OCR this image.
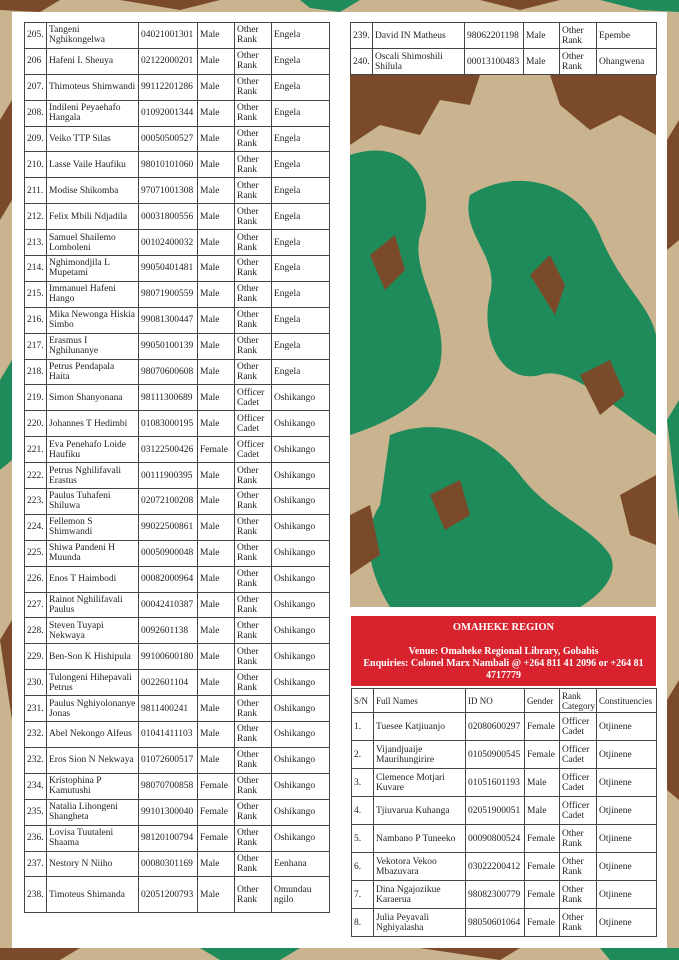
205.	Tangeni Nghikongelwa	04021001301	Male	Other Rank	Engela
206	Hafeni I. Sheuya	02122000201	Male	Other Rank	Engela
207.	Thimoteus Shimwandi	99112201286	Male	Other Rank	Engela
208.	Indileni Peyaehafo Hangala	01092001344	Male	Other Rank	Engela
209.	Veiko TTP Silas	00050500527	Male	Other Rank	Engela
210.	Lasse Vaile Haufiku	98010101060	Male	Other Rank	Engela
211.	Modise Shikomba	97071001308	Male	Other Rank	Engela
212.	Felix Mbili Ndjadila	00031800556	Male	Other Rank	Engela
213.	Samuel Shailemo Lomboleni	00102400032	Male	Other Rank	Engela
214.	Nghimondjila L Mupetami	99050401481	Male	Other Rank	Engela
215.	Immanuel Hafeni Hango	98071900559	Male	Other Rank	Engela
216.	Mika Newonga Hiskia Simbo	99081300447	Male	Other Rank	Engela
217.	Erasmus I Nghilunanye	99050100139	Male	Other Rank	Engela
218.	Petrus Pendapala Haita	98070600608	Male	Other Rank	Engela
219.	Simon Shanyonana	98111300689	Male	Officer Cadet	Oshikango
220.	Johannes T Hedimbi	01083000195	Male	Officer Cadet	Oshikango
221.	Eva Penehafo Loide Haufiku	03122500426	Female	Officer Cadet	Oshikango
222.	Petrus Nghilifavali Erastus	00111900395	Male	Other Rank	Oshikango
223.	Paulus Tuhafeni Shiluwa	02072100208	Male	Other Rank	Oshikango
224.	Fellemon S Shimwandi	99022500861	Male	Other Rank	Oshikango
225.	Shiwa Pandeni H Muunda	00050900048	Male	Other Rank	Oshikango
226.	Enos T Haimbodi	00082000964	Male	Other Rank	Oshikango
227.	Rainot Nghilifavali Paulus	00042410387	Male	Other Rank	Oshikango
228.	Steven Tuyapi Nekwaya	0092601138	Male	Other Rank	Oshikango
229.	Ben-Son K Hishipula	99100600180	Male	Other Rank	Oshikango
230.	Tulongeni Hihepavali Petrus	0022601104	Male	Other Rank	Oshikango
231.	Paulus Nghiyolonanye Jonas	9811400241	Male	Other Rank	Oshikango
232.	Abel Nekongo Alfeus	01041411103	Male	Other Rank	Oshikango
232.	Eros Sion N Nekwaya	01072600517	Male	Other Rank	Oshikango
234.	Kristophina P Kamutushi	98070700858	Female	Other Rank	Oshikango
235.	Natalia Lihongeni Shangheta	99101300040	Female	Other Rank	Oshikango
236.	Lovisa Tuutaleni Shaama	98120100794	Female	Other Rank	Oshikango
237.	Nestory N Niiho	00080301169	Male	Other Rank	Eenhana
238.	Timoteus Shimanda	02051200793	Male	Other Rank	Omundau ngilo
239.	David IN Matheus	98062201198	Male	Other Rank	Epembe
240.	Oscali Shimoshili Shilula	00013100483	Male	Other Rank	Ohangwena
OMAHEKE REGION
Venue: Omaheke Regional Library, Gobabis
Enquiries: Colonel Marx Nambali @ +264 811 41 2096 or +264 81 4717779
S/N	Full Names	ID NO	Gender	Rank Category	Constituencies
1.	Tuesee Katjiuanjo	02080600297	Female	Officer Cadet	Otjinene
2.	Vijandjuaije Maurihungirire	01050900545	Female	Officer Cadet	Otjinene
3.	Clemence Motjari Kuvare	01051601193	Male	Officer Cadet	Otjinene
4.	Tjiuvarua Kuhanga	02051900051	Male	Officer Cadet	Otjinene
5.	Nambano P Tuneeko	00090800524	Female	Other Rank	Otjinene
6.	Vekotora Vekoo Mbazuvara	03022200412	Female	Other Rank	Otjinene
7.	Dina Ngajozikue Karaerua	98082300779	Female	Other Rank	Otjinene
8.	Julia Peyavali Nghiyalasha	98050601064	Female	Other Rank	Otjinene
